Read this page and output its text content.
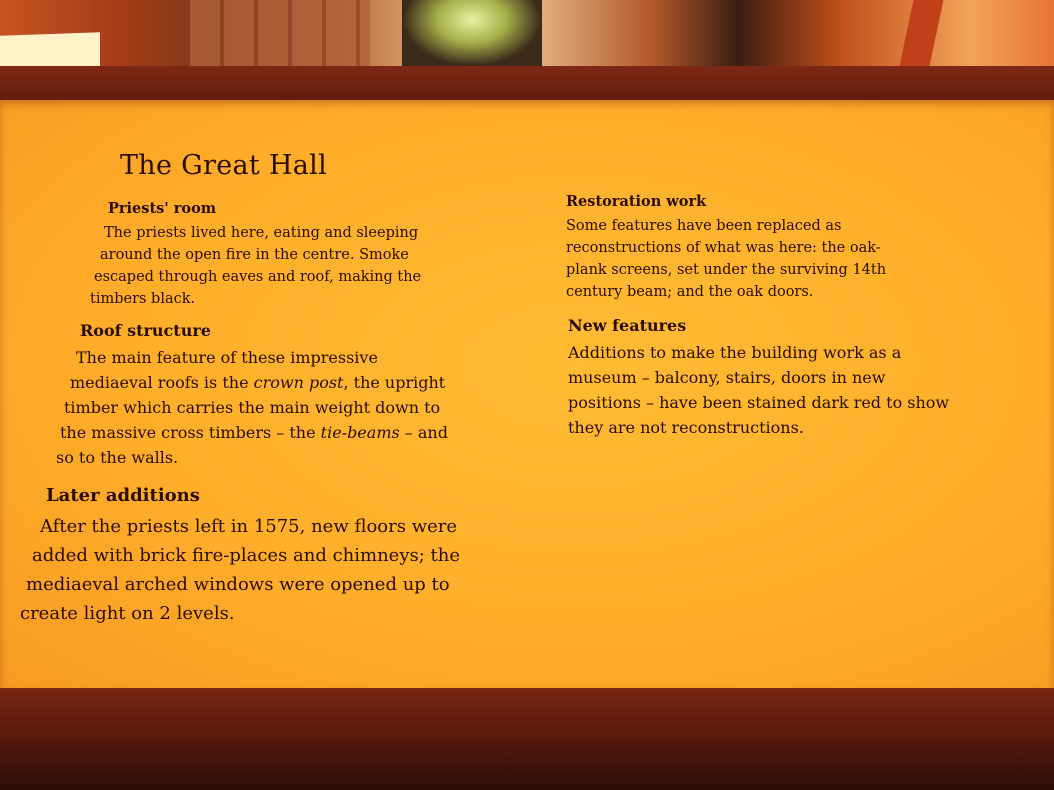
The Great Hall
Priests' room
The priests lived here, eating and sleeping
around the open fire in the centre. Smoke
escaped through eaves and roof, making the
timbers black.
Roof structure
The main feature of these impressive
mediaeval roofs is the crown post, the upright
timber which carries the main weight down to
the massive cross timbers – the tie-beams – and
so to the walls.
Later additions
After the priests left in 1575, new floors were
added with brick fire-places and chimneys; the
mediaeval arched windows were opened up to
create light on 2 levels.
Restoration work
Some features have been replaced as
reconstructions of what was here: the oak-
plank screens, set under the surviving 14th
century beam; and the oak doors.
New features
Additions to make the building work as a
museum – balcony, stairs, doors in new
positions – have been stained dark red to show
they are not reconstructions.
